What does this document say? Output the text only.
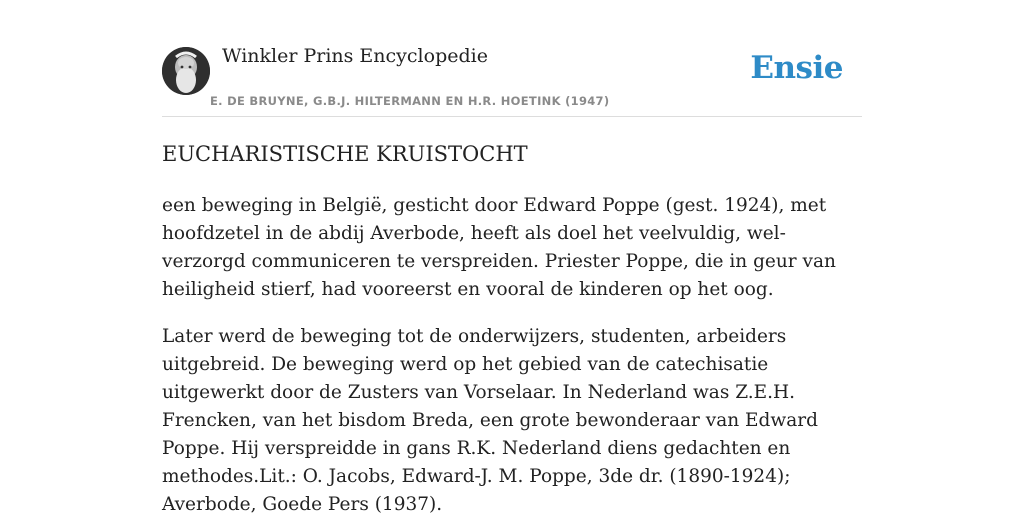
Winkler Prins Encyclopedie
E. DE BRUYNE, G.B.J. HILTERMANN EN H.R. HOETINK (1947)
Ensie
EUCHARISTISCHE KRUISTOCHT

een beweging in België, gesticht door Edward Poppe (gest. 1924), met hoofdzetel in de abdij Averbode, heeft als doel het veelvuldig, wel-verzorgd communiceren te verspreiden. Priester Poppe, die in geur van heiligheid stierf, had vooreerst en vooral de kinderen op het oog.

Later werd de beweging tot de onderwijzers, studenten, arbeiders uitgebreid. De beweging werd op het gebied van de catechisatie uitgewerkt door de Zusters van Vorselaar. In Nederland was Z.E.H. Frencken, van het bisdom Breda, een grote bewonderaar van Edward Poppe. Hij verspreidde in gans R.K. Nederland diens gedachten en methodes.Lit.: O. Jacobs, Edward-J. M. Poppe, 3de dr. (1890-1924); Averbode, Goede Pers (1937).
